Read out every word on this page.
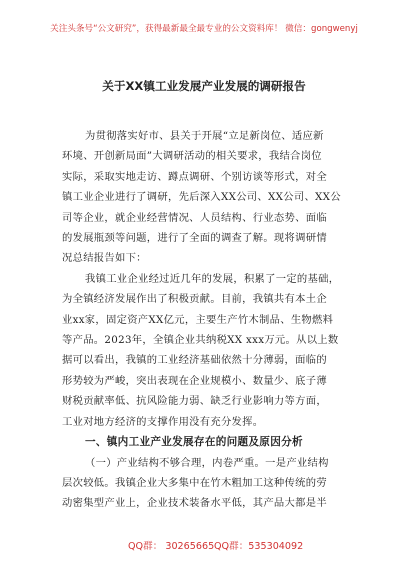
关注头条号“公文研究”，获得最新最全最专业的公文资料库！ 微信：gongwenyj
关于XX镇工业发展产业发展的调研报告

为贯彻落实好市、县关于开展“立足新岗位、适应新
环境、开创新局面”大调研活动的相关要求，我结合岗位
实际，采取实地走访、蹲点调研、个别访谈等形式，对全
镇工业企业进行了调研，先后深入XX公司、XX公司、XX公
司等企业，就企业经营情况、人员结构、行业态势、面临
的发展瓶颈等问题，进行了全面的调查了解。现将调研情
况总结报告如下：

我镇工业企业经过近几年的发展，积累了一定的基础，
为全镇经济发展作出了积极贡献。目前，我镇共有本土企
业xx家，固定资产XX亿元，主要生产竹木制品、生物燃料
等产品。2023年，全镇企业共纳税XX xxx万元。从以上数
据可以看出，我镇的工业经济基础依然十分薄弱，面临的
形势较为严峻，突出表现在企业规模小、数量少、底子薄
财税贡献率低、抗风险能力弱、缺乏行业影响力等方面，
工业对地方经济的支撑作用没有充分发挥。

一、镇内工业产业发展存在的问题及原因分析

（一）产业结构不够合理，内卷严重。一是产业结构
层次较低。我镇企业大多集中在竹木粗加工这种传统的劳
动密集型产业上，企业技术装备水平低，其产品大都是半

QQ群： 30265665 QQ群：535304092
